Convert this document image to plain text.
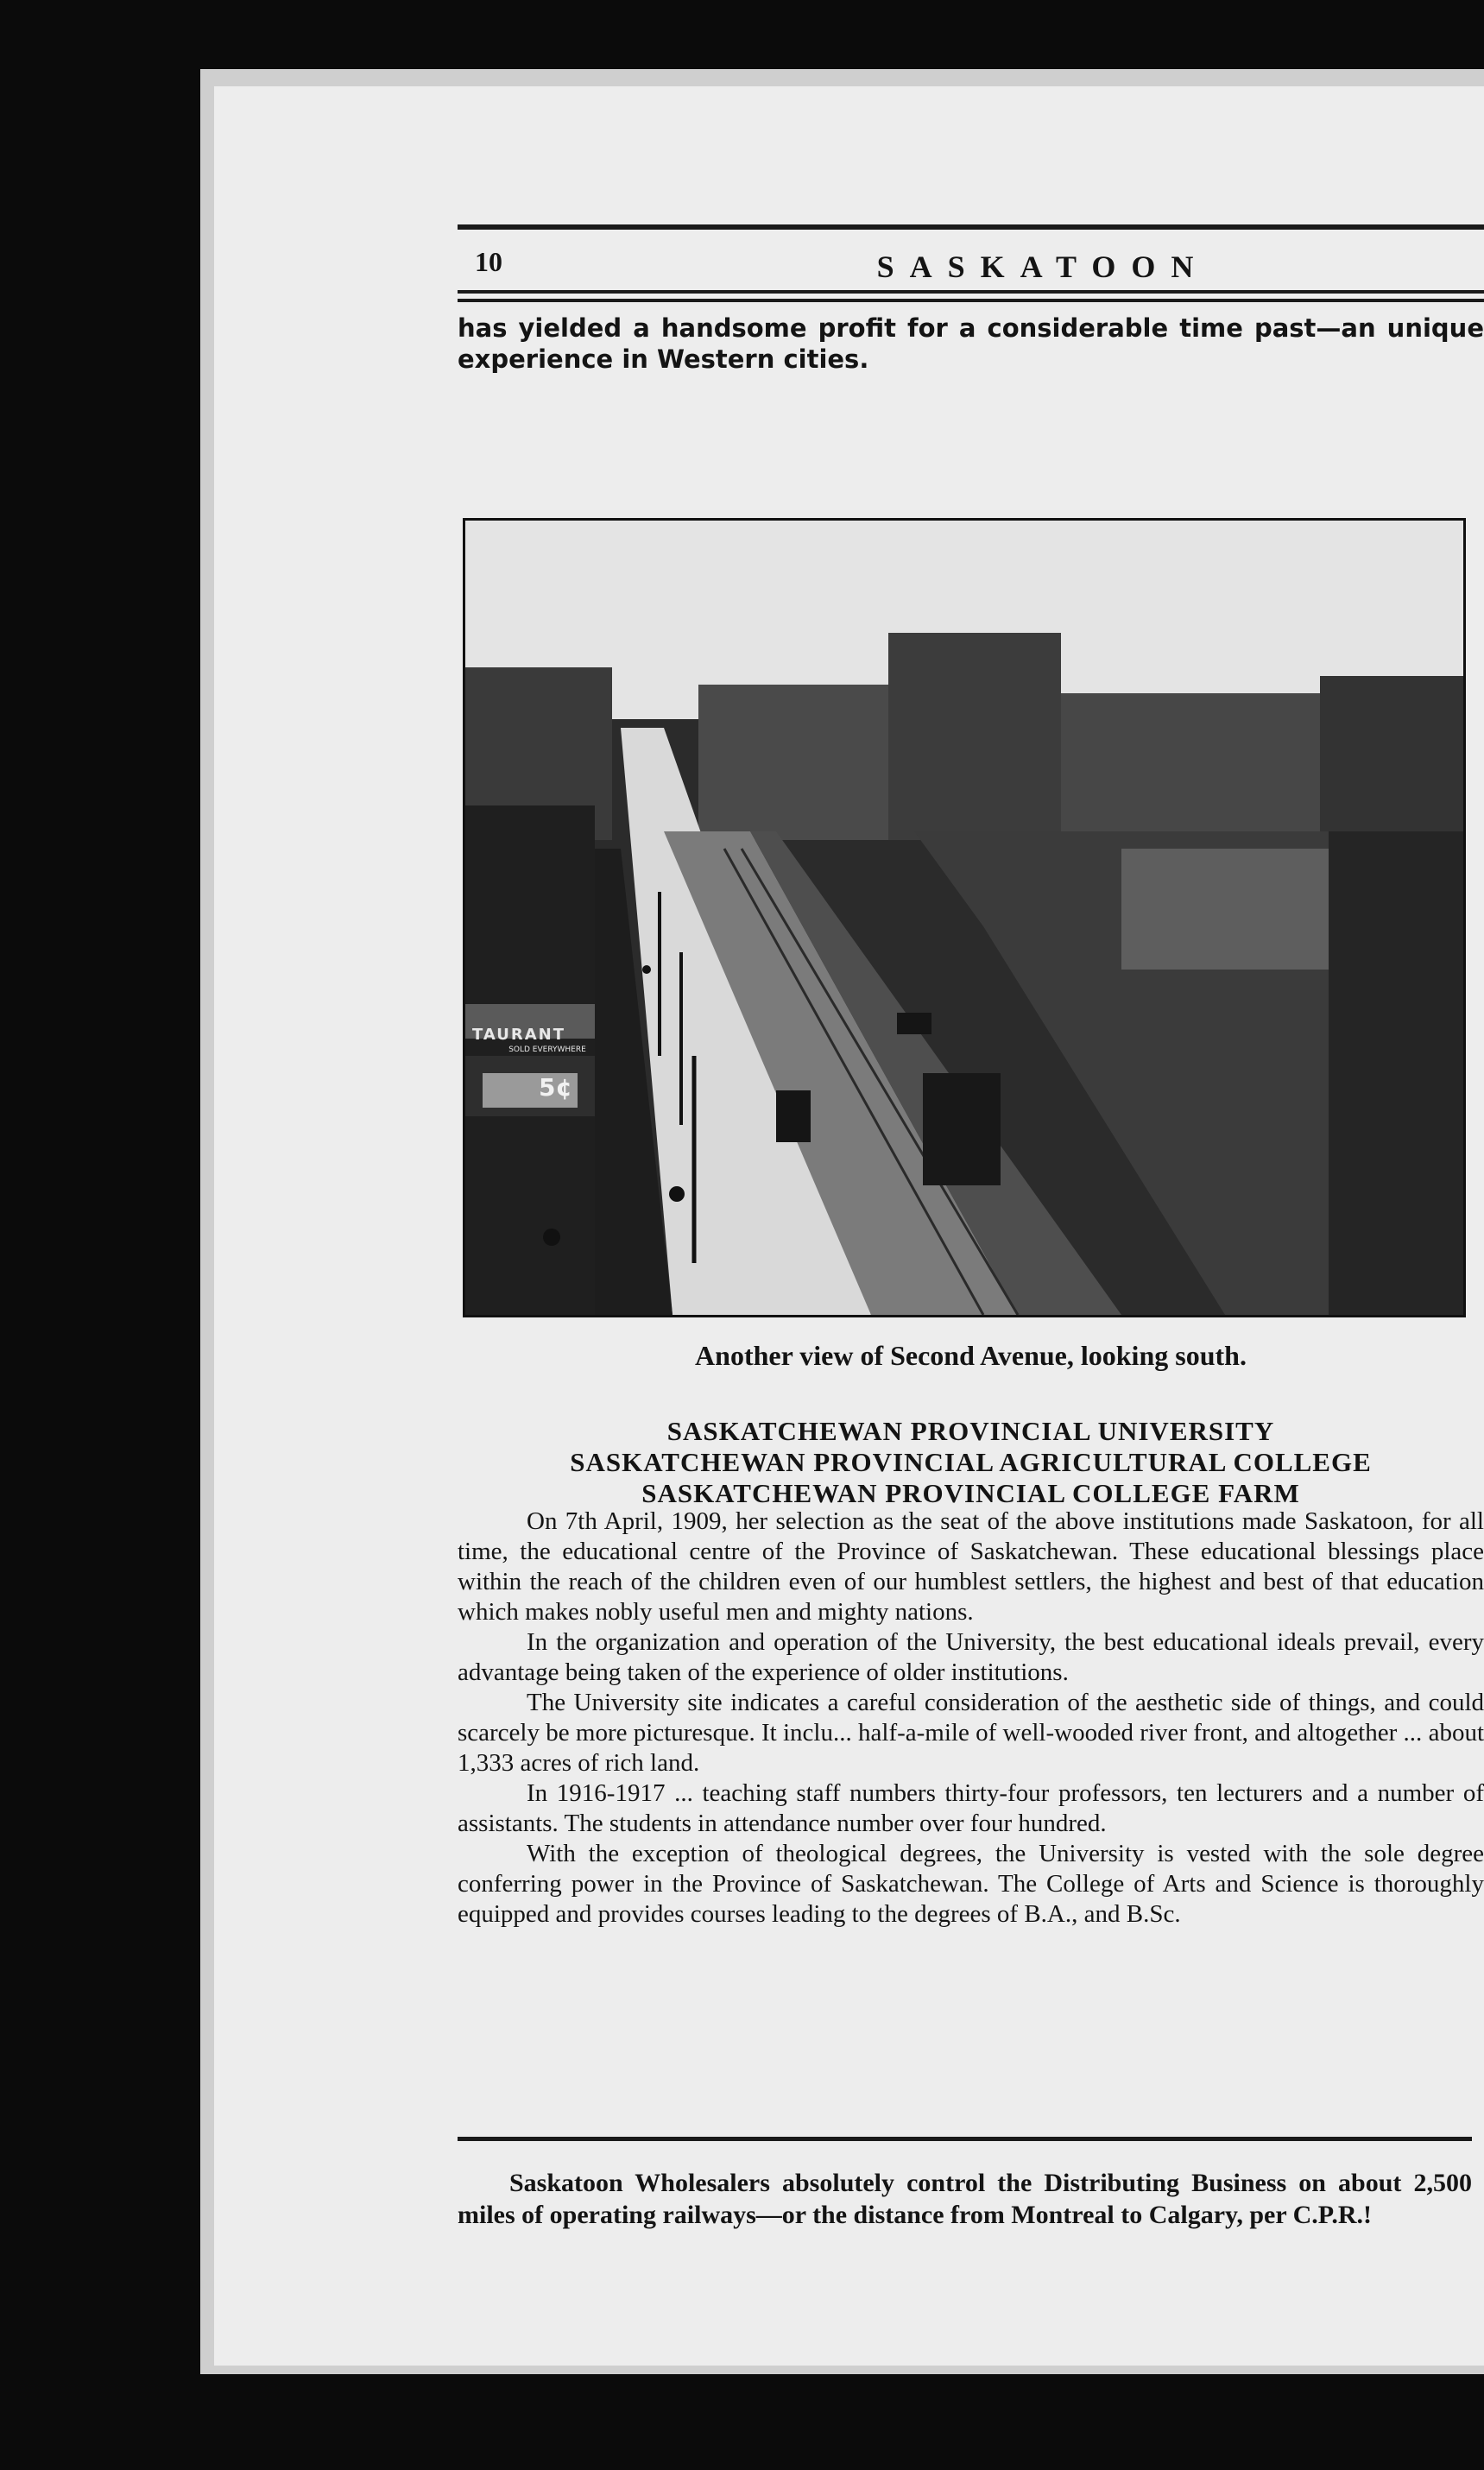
10	SASKATOON
has yielded a handsome profit for a considerable time past—an unique experience in Western cities.
TAURANT
SOLD EVERYWHERE
5¢
Another view of Second Avenue, looking south.
SASKATCHEWAN PROVINCIAL UNIVERSITY
SASKATCHEWAN PROVINCIAL AGRICULTURAL COLLEGE
SASKATCHEWAN PROVINCIAL COLLEGE FARM

On 7th April, 1909, her selection as the seat of the above institutions made Saskatoon, for all time, the educational centre of the Province of Saskatchewan. These educational blessings place within the reach of the children even of our humblest settlers, the highest and best of that education which makes nobly useful men and mighty nations.

In the organization and operation of the University, the best educational ideals prevail, every advantage being taken of the experience of older institutions.

The University site indicates a careful consideration of the aesthetic side of things, and could scarcely be more picturesque. It inclu... half-a-mile of well-wooded river front, and altogether ... about 1,333 acres of rich land.

In 1916-1917 ... teaching staff numbers thirty-four professors, ten lecturers and a number of assistants. The students in attendance number over four hundred.

With the exception of theological degrees, the University is vested with the sole degree conferring power in the Province of Saskatchewan. The College of Arts and Science is thoroughly equipped and provides courses leading to the degrees of B.A., and B.Sc.

Saskatoon Wholesalers absolutely control the Distributing Business on about 2,500 miles of operating railways—or the distance from Montreal to Calgary, per C.P.R.!
